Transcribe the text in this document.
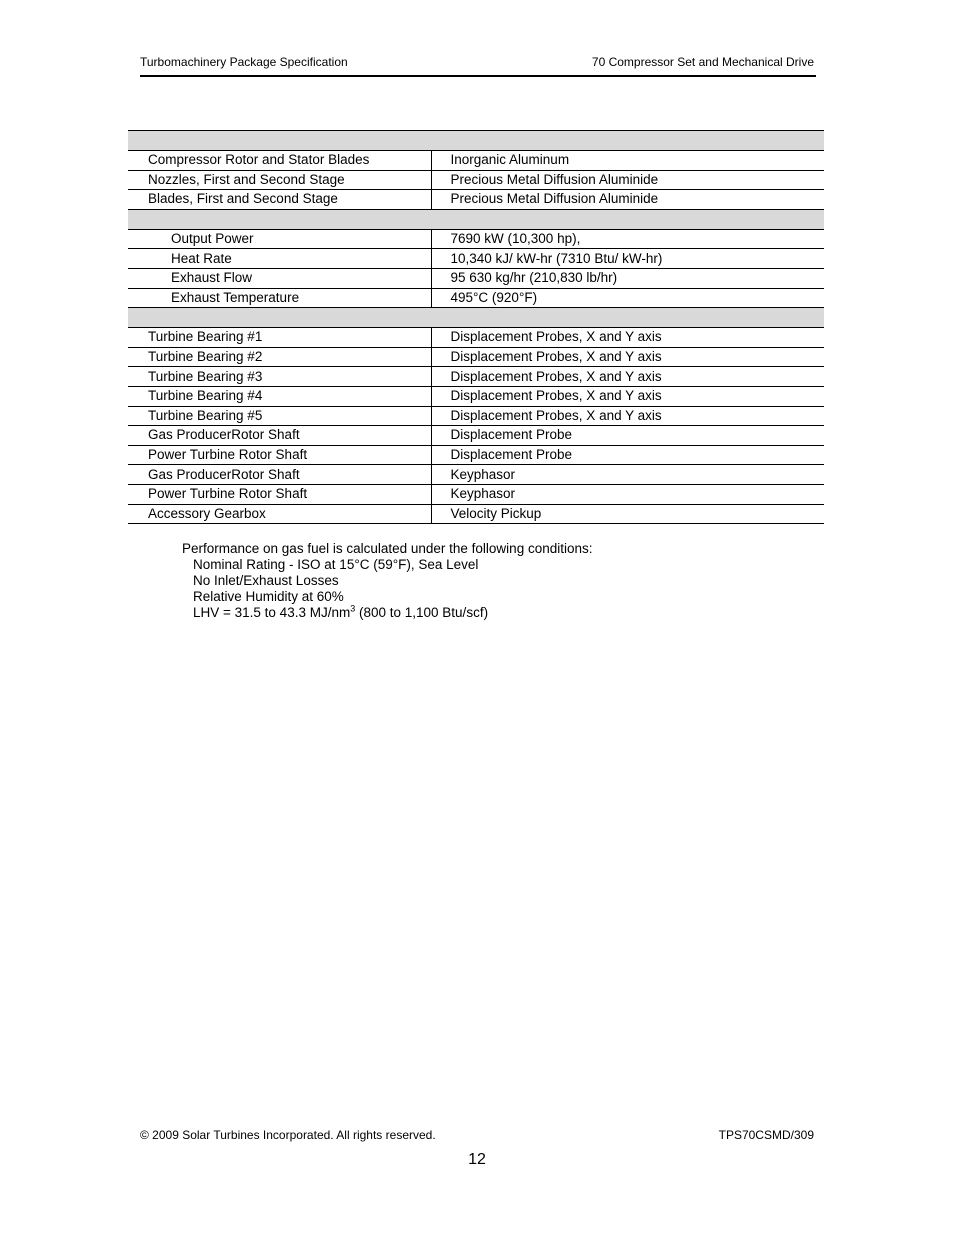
Turbomachinery Package Specification	70 Compressor Set and Mechanical Drive

Compressor Rotor and Stator Blades	Inorganic Aluminum
Nozzles, First and Second Stage	Precious Metal Diffusion Aluminide
Blades, First and Second Stage	Precious Metal Diffusion Aluminide

Output Power	7690 kW (10,300 hp),
Heat Rate	10,340 kJ/ kW-hr (7310 Btu/ kW-hr)
Exhaust Flow	95 630 kg/hr (210,830 lb/hr)
Exhaust Temperature	495°C (920°F)

Turbine Bearing #1	Displacement Probes, X and Y axis
Turbine Bearing #2	Displacement Probes, X and Y axis
Turbine Bearing #3	Displacement Probes, X and Y axis
Turbine Bearing #4	Displacement Probes, X and Y axis
Turbine Bearing #5	Displacement Probes, X and Y axis
Gas ProducerRotor Shaft	Displacement Probe
Power Turbine Rotor Shaft	Displacement Probe
Gas ProducerRotor Shaft	Keyphasor
Power Turbine Rotor Shaft	Keyphasor
Accessory Gearbox	Velocity Pickup
Performance on gas fuel is calculated under the following conditions:
Nominal Rating - ISO at 15°C (59°F), Sea Level
No Inlet/Exhaust Losses
Relative Humidity at 60%
LHV = 31.5 to 43.3 $MJ/nm^3$ (800 to 1,100 Btu/scf)
© 2009 Solar Turbines Incorporated. All rights reserved.	TPS70CSMD/309
12
